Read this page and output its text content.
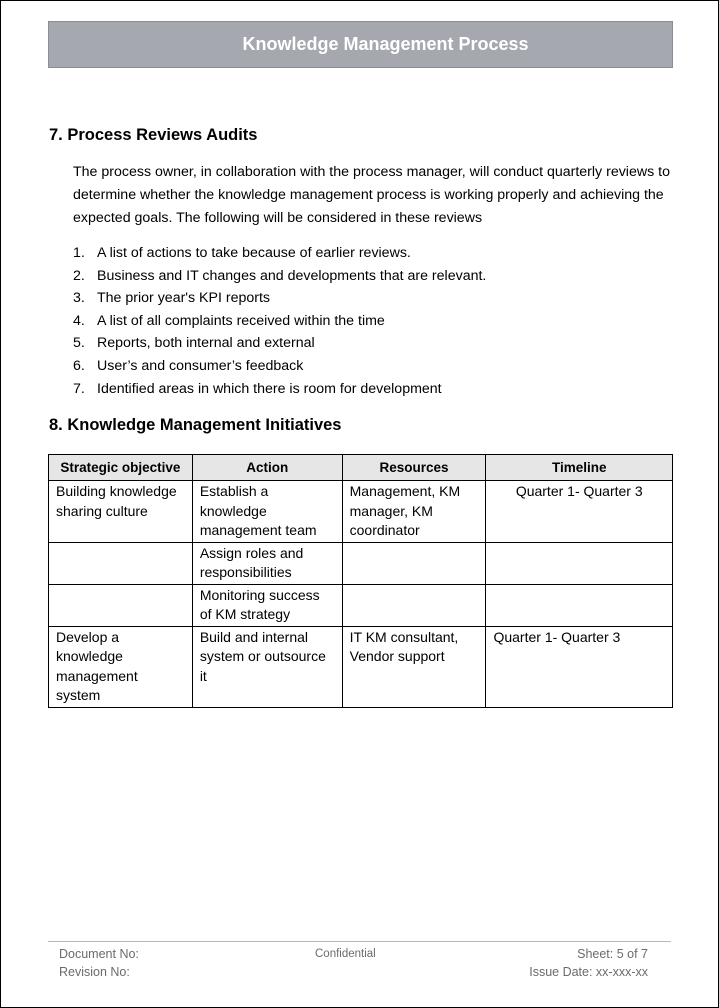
Knowledge Management Process
7. Process Reviews Audits
The process owner, in collaboration with the process manager, will conduct quarterly reviews to determine whether the knowledge management process is working properly and achieving the expected goals. The following will be considered in these reviews
1. A list of actions to take because of earlier reviews.
2. Business and IT changes and developments that are relevant.
3. The prior year's KPI reports
4. A list of all complaints received within the time
5. Reports, both internal and external
6. User’s and consumer’s feedback
7. Identified areas in which there is room for development
8. Knowledge Management Initiatives
Strategic objective	Action	Resources	Timeline
Building knowledge sharing culture	Establish a knowledge management team	Management, KM manager, KM coordinator	Quarter 1- Quarter 3
	Assign roles and responsibilities		
	Monitoring success of KM strategy		
Develop a knowledge management system	Build and internal system or outsource it	IT KM consultant, Vendor support	Quarter 1- Quarter 3
Document No:
Revision No:
Confidential	Sheet: 5 of 7
Issue Date: xx-xxx-xx
